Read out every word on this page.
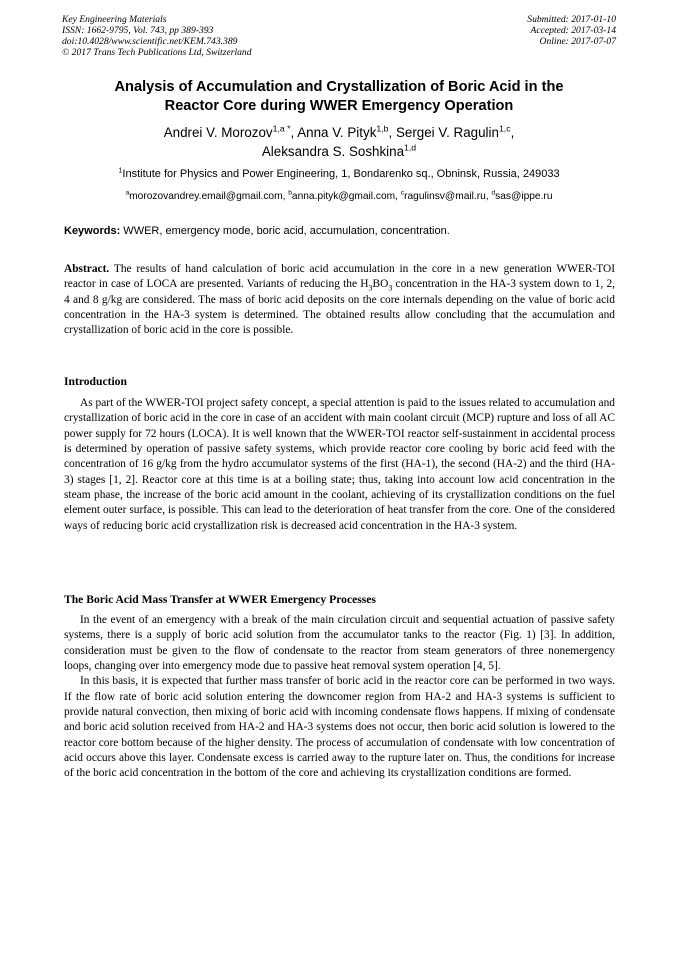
Key Engineering Materials
ISSN: 1662-9795, Vol. 743, pp 389-393
doi:10.4028/www.scientific.net/KEM.743.389
© 2017 Trans Tech Publications Ltd, Switzerland
Submitted: 2017-01-10
Accepted: 2017-03-14
Online: 2017-07-07
Analysis of Accumulation and Crystallization of Boric Acid in the
Reactor Core during WWER Emergency Operation
Andrei V. Morozov$^{1,a *}$, Anna V. Pityk$^{1,b}$, Sergei V. Ragulin$^{1,c}$,
Aleksandra S. Soshkina$^{1,d}$
$^1$Institute for Physics and Power Engineering, 1, Bondarenko sq., Obninsk, Russia, 249033
$^a$morozovandrey.email@gmail.com, $^b$anna.pityk@gmail.com, $^c$ragulinsv@mail.ru, $^d$sas@ippe.ru
Keywords: WWER, emergency mode, boric acid, accumulation, concentration.

Abstract. The results of hand calculation of boric acid accumulation in the core in a new generation WWER-TOI reactor in case of LOCA are presented. Variants of reducing the $H_3BO_3$ concentration in the HA-3 system down to 1, 2, 4 and 8 g/kg are considered. The mass of boric acid deposits on the core internals depending on the value of boric acid concentration in the HA-3 system is determined. The obtained results allow concluding that the accumulation and crystallization of boric acid in the core is possible.

Introduction

As part of the WWER-TOI project safety concept, a special attention is paid to the issues related to accumulation and crystallization of boric acid in the core in case of an accident with main coolant circuit (MCP) rupture and loss of all AC power supply for 72 hours (LOCA). It is well known that the WWER-TOI reactor self-sustainment in accidental process is determined by operation of passive safety systems, which provide reactor core cooling by boric acid feed with the concentration of 16 g/kg from the hydro accumulator systems of the first (HA-1), the second (HA-2) and the third (HA-3) stages [1, 2]. Reactor core at this time is at a boiling state; thus, taking into account low acid concentration in the steam phase, the increase of the boric acid amount in the coolant, achieving of its crystallization conditions on the fuel element outer surface, is possible. This can lead to the deterioration of heat transfer from the core. One of the considered ways of reducing boric acid crystallization risk is decreased acid concentration in the HA-3 system.

The Boric Acid Mass Transfer at WWER Emergency Processes

In the event of an emergency with a break of the main circulation circuit and sequential actuation of passive safety systems, there is a supply of boric acid solution from the accumulator tanks to the reactor (Fig. 1) [3]. In addition, consideration must be given to the flow of condensate to the reactor from steam generators of three nonemergency loops, changing over into emergency mode due to passive heat removal system operation [4, 5].

In this basis, it is expected that further mass transfer of boric acid in the reactor core can be performed in two ways. If the flow rate of boric acid solution entering the downcomer region from HA-2 and HA-3 systems is sufficient to provide natural convection, then mixing of boric acid with incoming condensate flows happens. If mixing of condensate and boric acid solution received from HA-2 and HA-3 systems does not occur, then boric acid solution is lowered to the reactor core bottom because of the higher density. The process of accumulation of condensate with low concentration of acid occurs above this layer. Condensate excess is carried away to the rupture later on. Thus, the conditions for increase of the boric acid concentration in the bottom of the core and achieving its crystallization conditions are formed.
